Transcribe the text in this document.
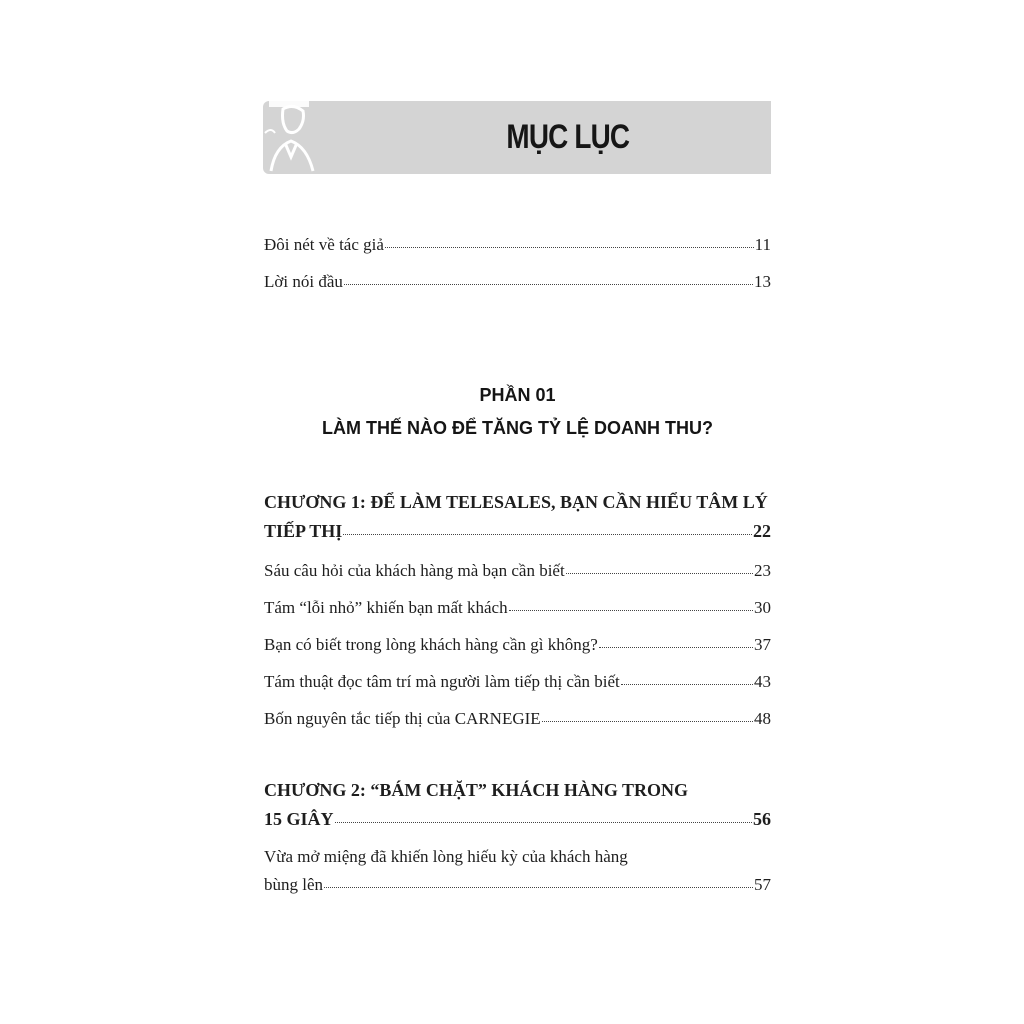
MỤC LỤC
Đôi nét về tác giả	11
Lời nói đầu	13

PHẦN 01

LÀM THẾ NÀO ĐỂ TĂNG TỶ LỆ DOANH THU?

CHƯƠNG 1: ĐỂ LÀM TELESALES, BẠN CẦN HIỂU TÂM LÝ
TIẾP THỊ	22
Sáu câu hỏi của khách hàng mà bạn cần biết	23
Tám “lỗi nhỏ” khiến bạn mất khách	30
Bạn có biết trong lòng khách hàng cần gì không?	37
Tám thuật đọc tâm trí mà người làm tiếp thị cần biết	43
Bốn nguyên tắc tiếp thị của CARNEGIE	48
CHƯƠNG 2: “BÁM CHẶT” KHÁCH HÀNG TRONG
15 GIÂY	56
Vừa mở miệng đã khiến lòng hiếu kỳ của khách hàng
bùng lên	57
